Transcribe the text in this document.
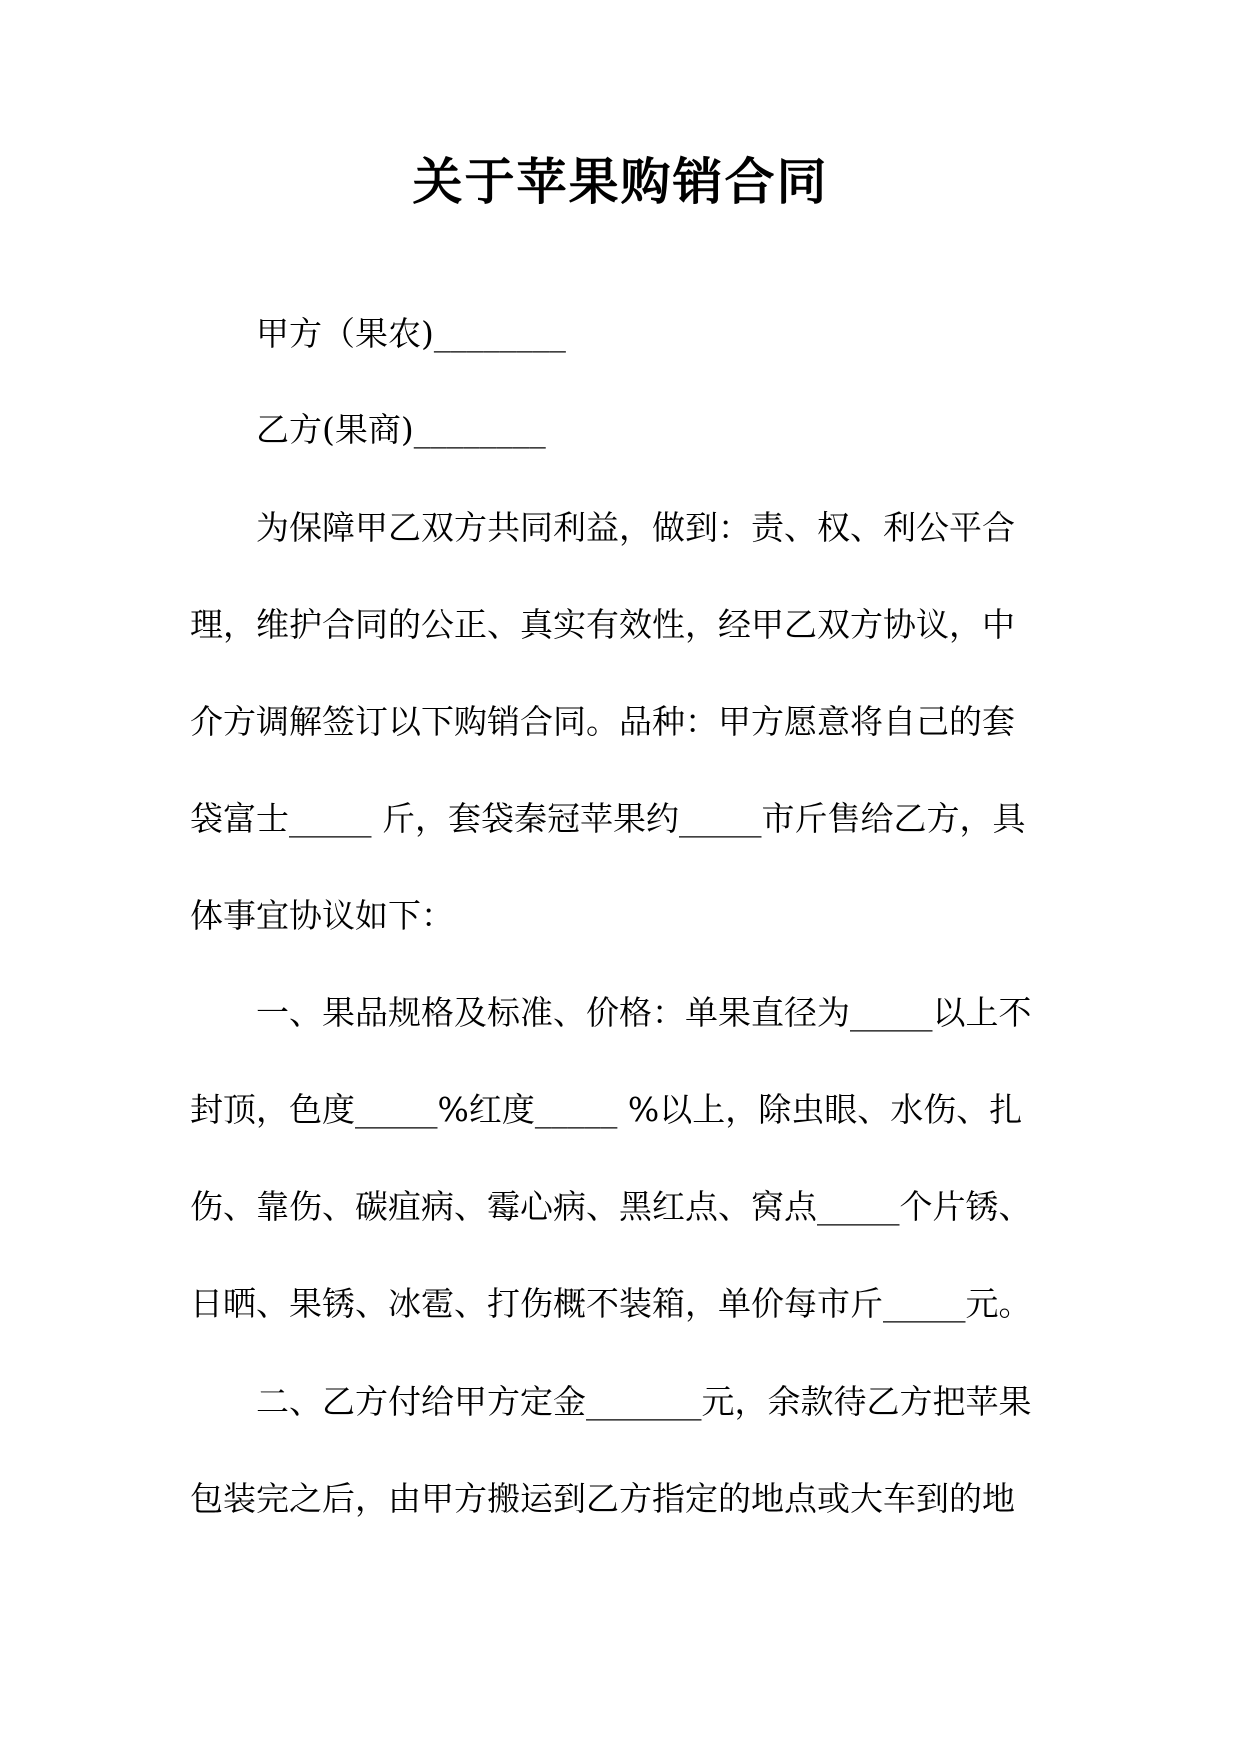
关于苹果购销合同

甲方（果农)________

乙方(果商)________

为保障甲乙双方共同利益，做到：责、权、利公平合

理，维护合同的公正、真实有效性，经甲乙双方协议，中

介方调解签订以下购销合同。品种：甲方愿意将自己的套

袋富士_____ 斤，套袋秦冠苹果约_____市斤售给乙方，具

体事宜协议如下：

一、果品规格及标准、价格：单果直径为_____以上不

封顶，色度_____%红度_____ %以上，除虫眼、水伤、扎

伤、靠伤、碳疽病、霉心病、黑红点、窝点_____个片锈、

日晒、果锈、冰雹、打伤概不装箱，单价每市斤_____元。

二、乙方付给甲方定金_______元，余款待乙方把苹果

包装完之后，由甲方搬运到乙方指定的地点或大车到的地
